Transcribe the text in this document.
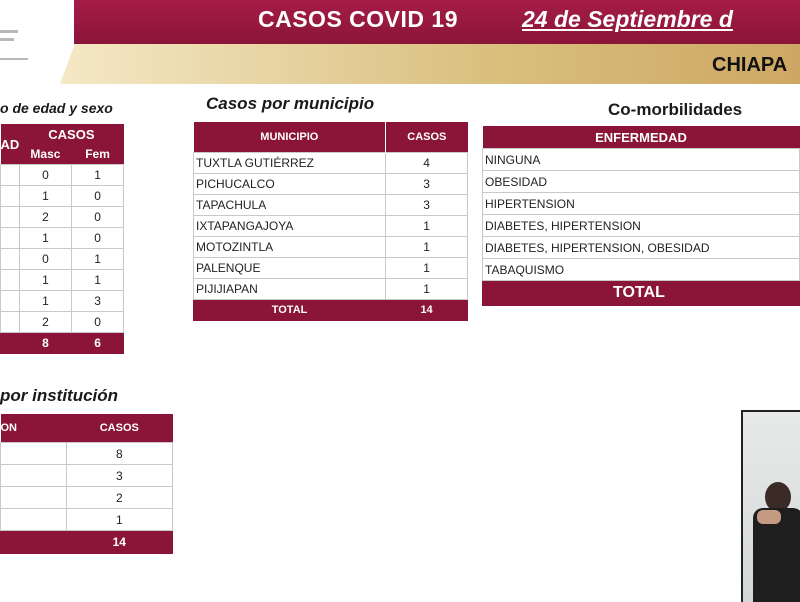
CASOS COVID 19	24 de Septiembre d
CHIAPA
o de edad y sexo
AD	CASOS	
	Masc	Fem
	0	1
	1	0
	2	0
	1	0
	0	1
	1	1
	1	3
	2	0
	8	6
Casos por municipio
MUNICIPIO	CASOS
TUXTLA GUTIÉRREZ	4
PICHUCALCO	3
TAPACHULA	3
IXTAPANGAJOYA	1
MOTOZINTLA	1
PALENQUE	1
PIJIJIAPAN	1
TOTAL	14
Co-morbilidades
ENFERMEDAD
NINGUNA
OBESIDAD
HIPERTENSION
DIABETES, HIPERTENSION
DIABETES, HIPERTENSION, OBESIDAD
TABAQUISMO
TOTAL
por institución
ON	CASOS
	8
	3
	2
	1
	14
